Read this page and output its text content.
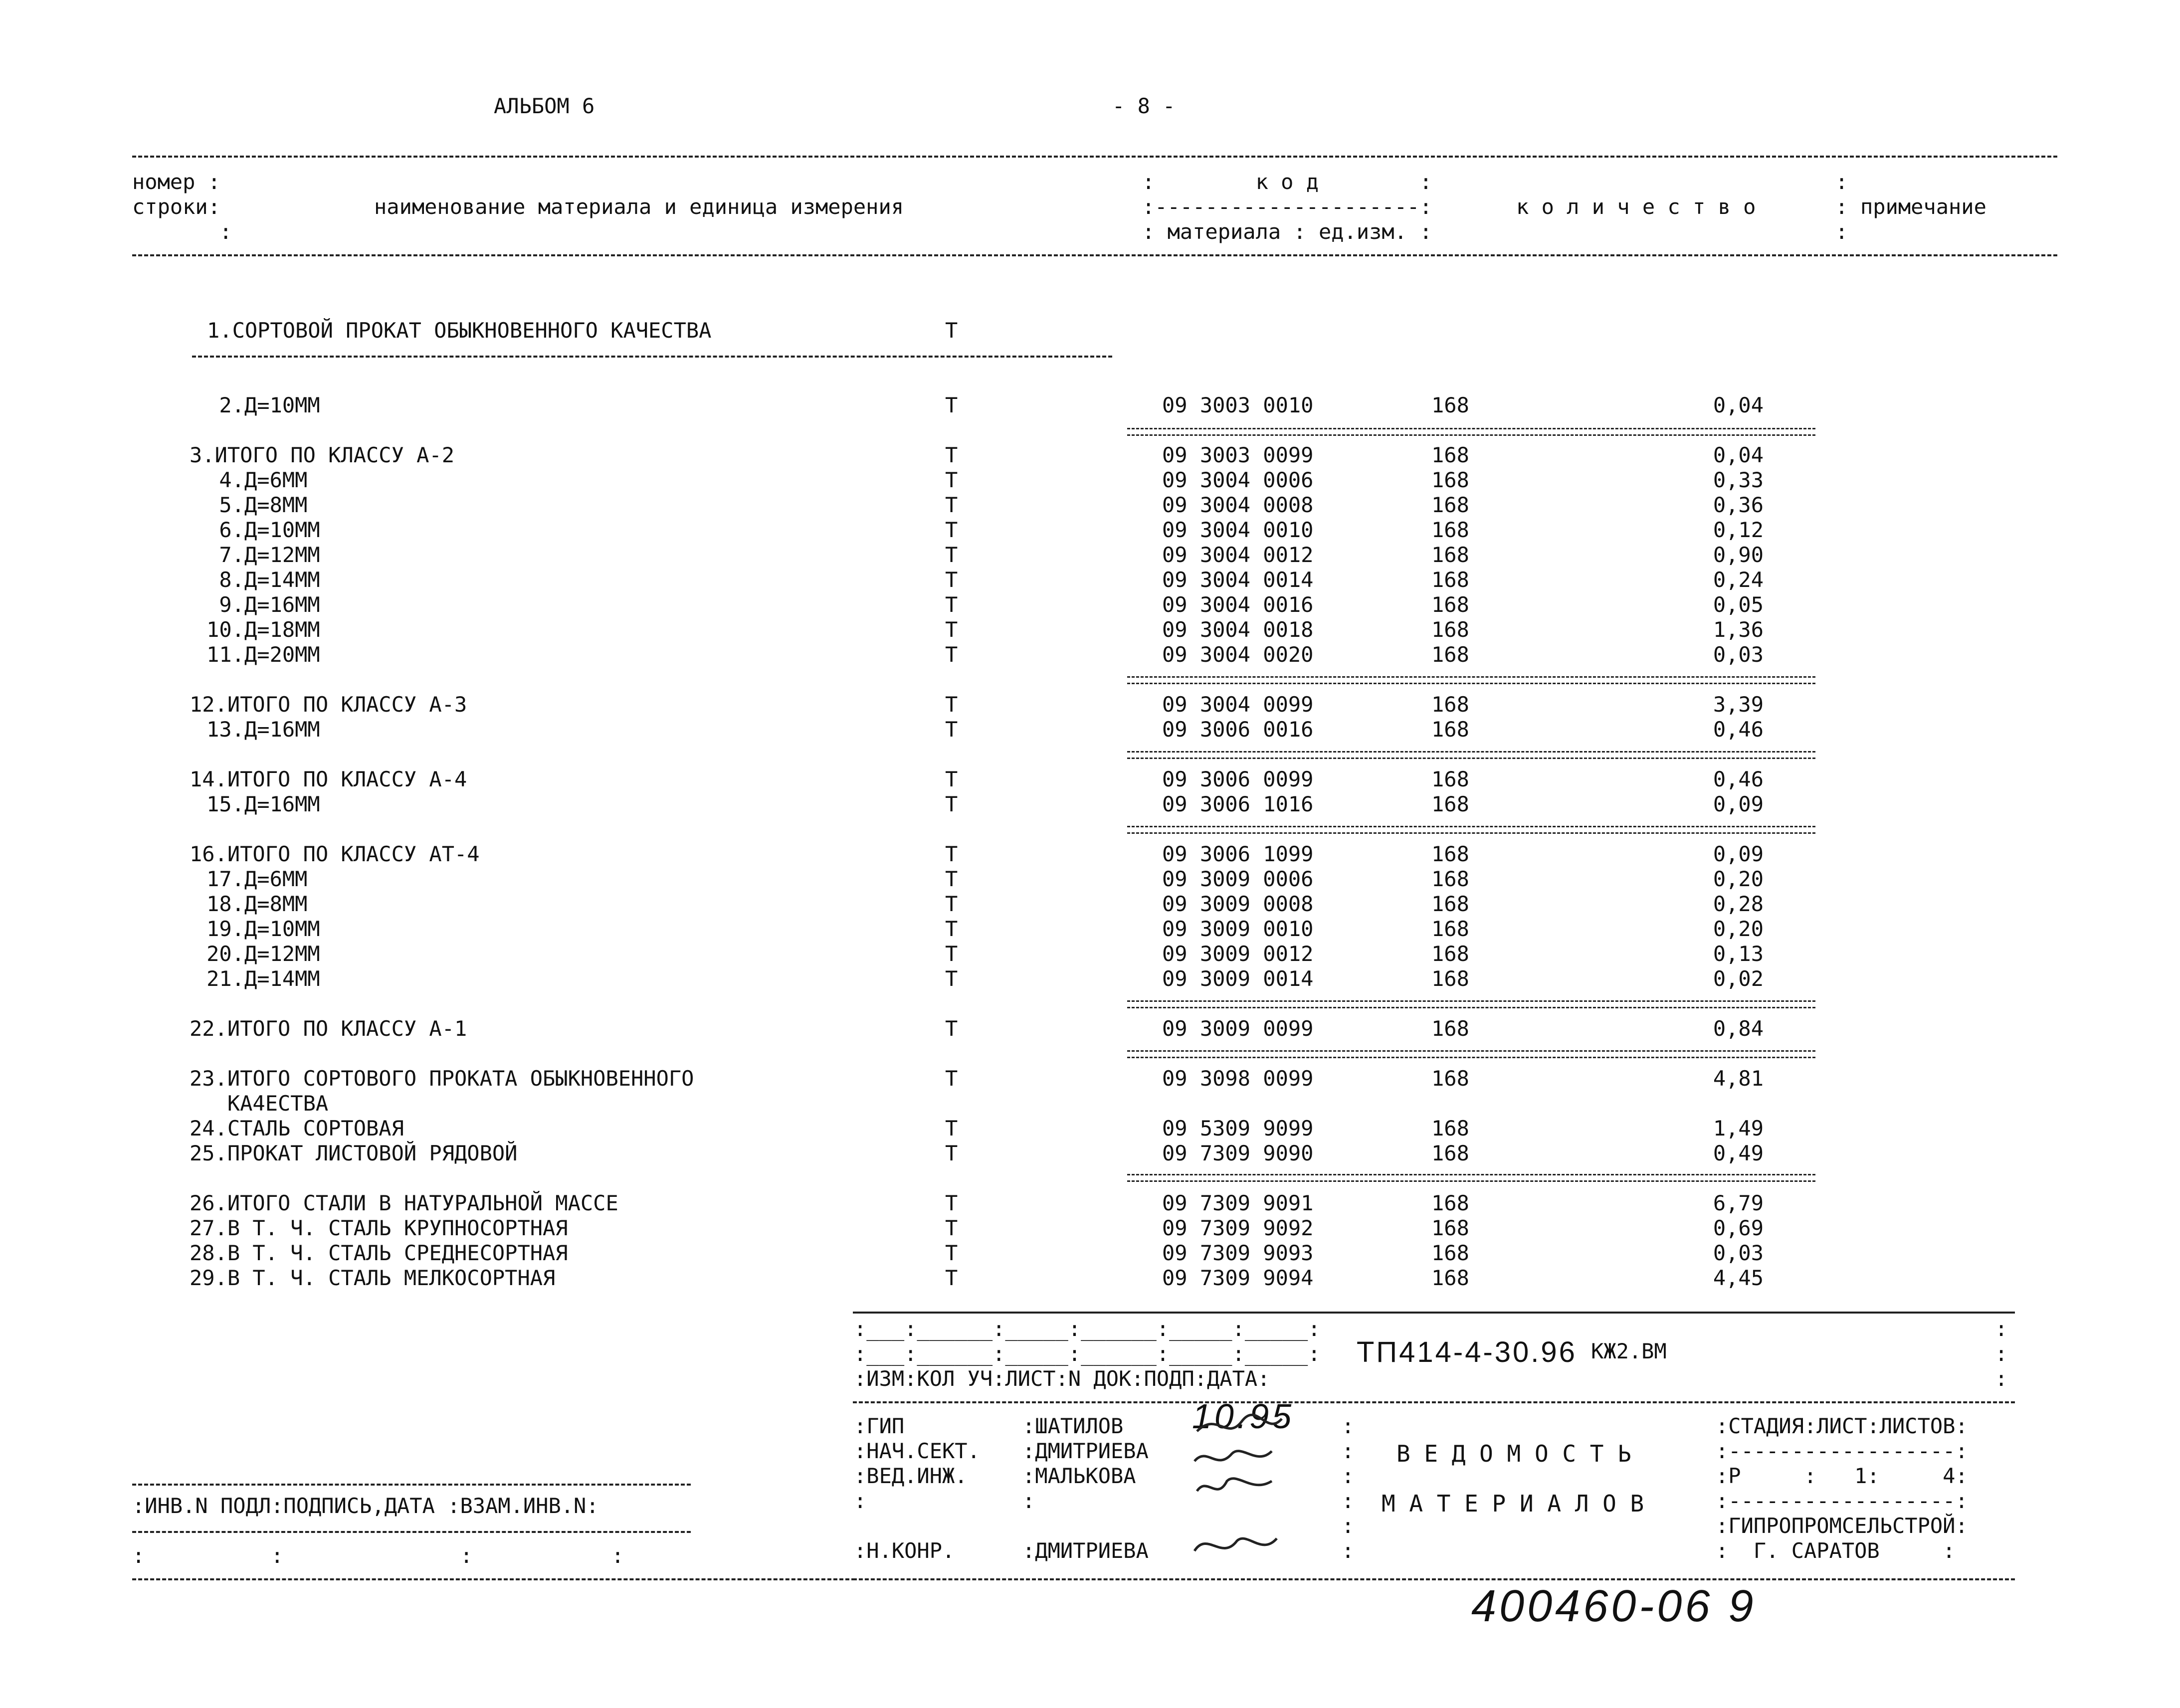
АЛЬБОМ 6	- 8 -
номер :
строки:
:
наименование материала и единица измерения
:        к о д        :
:---------------------:
: материала : ед.изм. :
к о л и ч е с т в о
:
:
:
примечание
1.СОРТОВОЙ ПРОКАТ ОБЫКНОВЕННОГО КАЧЕСТВА	Т
2. Д=10ММ	Т	09 3003 0010	168	0,04
3.ИТОГО ПО КЛАССУ А-2	Т	09 3003 0099	168	0,04
4. Д=6ММ	Т	09 3004 0006	168	0,33
5. Д=8ММ	Т	09 3004 0008	168	0,36
6. Д=10ММ	Т	09 3004 0010	168	0,12
7. Д=12ММ	Т	09 3004 0012	168	0,90
8. Д=14ММ	Т	09 3004 0014	168	0,24
9. Д=16ММ	Т	09 3004 0016	168	0,05
10. Д=18ММ	Т	09 3004 0018	168	1,36
11. Д=20ММ	Т	09 3004 0020	168	0,03
12.ИТОГО ПО КЛАССУ А-3	Т	09 3004 0099	168	3,39
13. Д=16ММ	Т	09 3006 0016	168	0,46
14.ИТОГО ПО КЛАССУ А-4	Т	09 3006 0099	168	0,46
15. Д=16ММ	Т	09 3006 1016	168	0,09
16.ИТОГО ПО КЛАССУ АТ-4	Т	09 3006 1099	168	0,09
17. Д=6ММ	Т	09 3009 0006	168	0,20
18. Д=8ММ	Т	09 3009 0008	168	0,28
19. Д=10ММ	Т	09 3009 0010	168	0,20
20. Д=12ММ	Т	09 3009 0012	168	0,13
21. Д=14ММ	Т	09 3009 0014	168	0,02
22.ИТОГО ПО КЛАССУ А-1	Т	09 3009 0099	168	0,84
23.ИТОГО СОРТОВОГО ПРОКАТА ОБЫКНОВЕННОГО	Т	09 3098 0099	168	4,81
КА4ЕСТВА
24.СТАЛЬ СОРТОВАЯ	Т	09 5309 9099	168	1,49
25.ПРОКАТ ЛИСТОВОЙ РЯДОВОЙ	Т	09 7309 9090	168	0,49
26.ИТОГО СТАЛИ В НАТУРАЛЬНОЙ МАССЕ	Т	09 7309 9091	168	6,79
27.В Т. Ч. СТАЛЬ КРУПНОСОРТНАЯ	Т	09 7309 9092	168	0,69
28.В Т. Ч. СТАЛЬ СРЕДНЕСОРТНАЯ	Т	09 7309 9093	168	0,03
29.В Т. Ч. СТАЛЬ МЕЛКОСОРТНАЯ	Т	09 7309 9094	168	4,45
:___:______:_____:______:_____:_____:
:___:______:_____:______:_____:_____:
:ИЗМ:КОЛ УЧ:ЛИСТ:N ДОК:ПОДП:ДАТА:
ТП414-4-30.96 КЖ2.ВМ
:
:
:
:ГИП	:ШАТИЛОВ 10.95
:НАЧ.СЕКТ. :ДМИТРИЕВА
:ВЕД.ИНЖ.	:МАЛЬКОВА
:	:
:Н.КОНР.	:ДМИТРИЕВА
:
:
:
:
:
:
В Е Д О М О С Т Ь
М А Т Е Р И А Л О В
:СТАДИЯ:ЛИСТ:ЛИСТОВ:
:------------------:
:Р     :   1:     4:
:------------------:
:ГИПРОПРОМСЕЛЬСТРОЙ:
:  Г. САРАТОВ     :
:ИНВ.N ПОДЛ:ПОДПИСЬ,ДАТА :ВЗАМ.ИНВ.N:
:          :              :           :
400460-06 9
